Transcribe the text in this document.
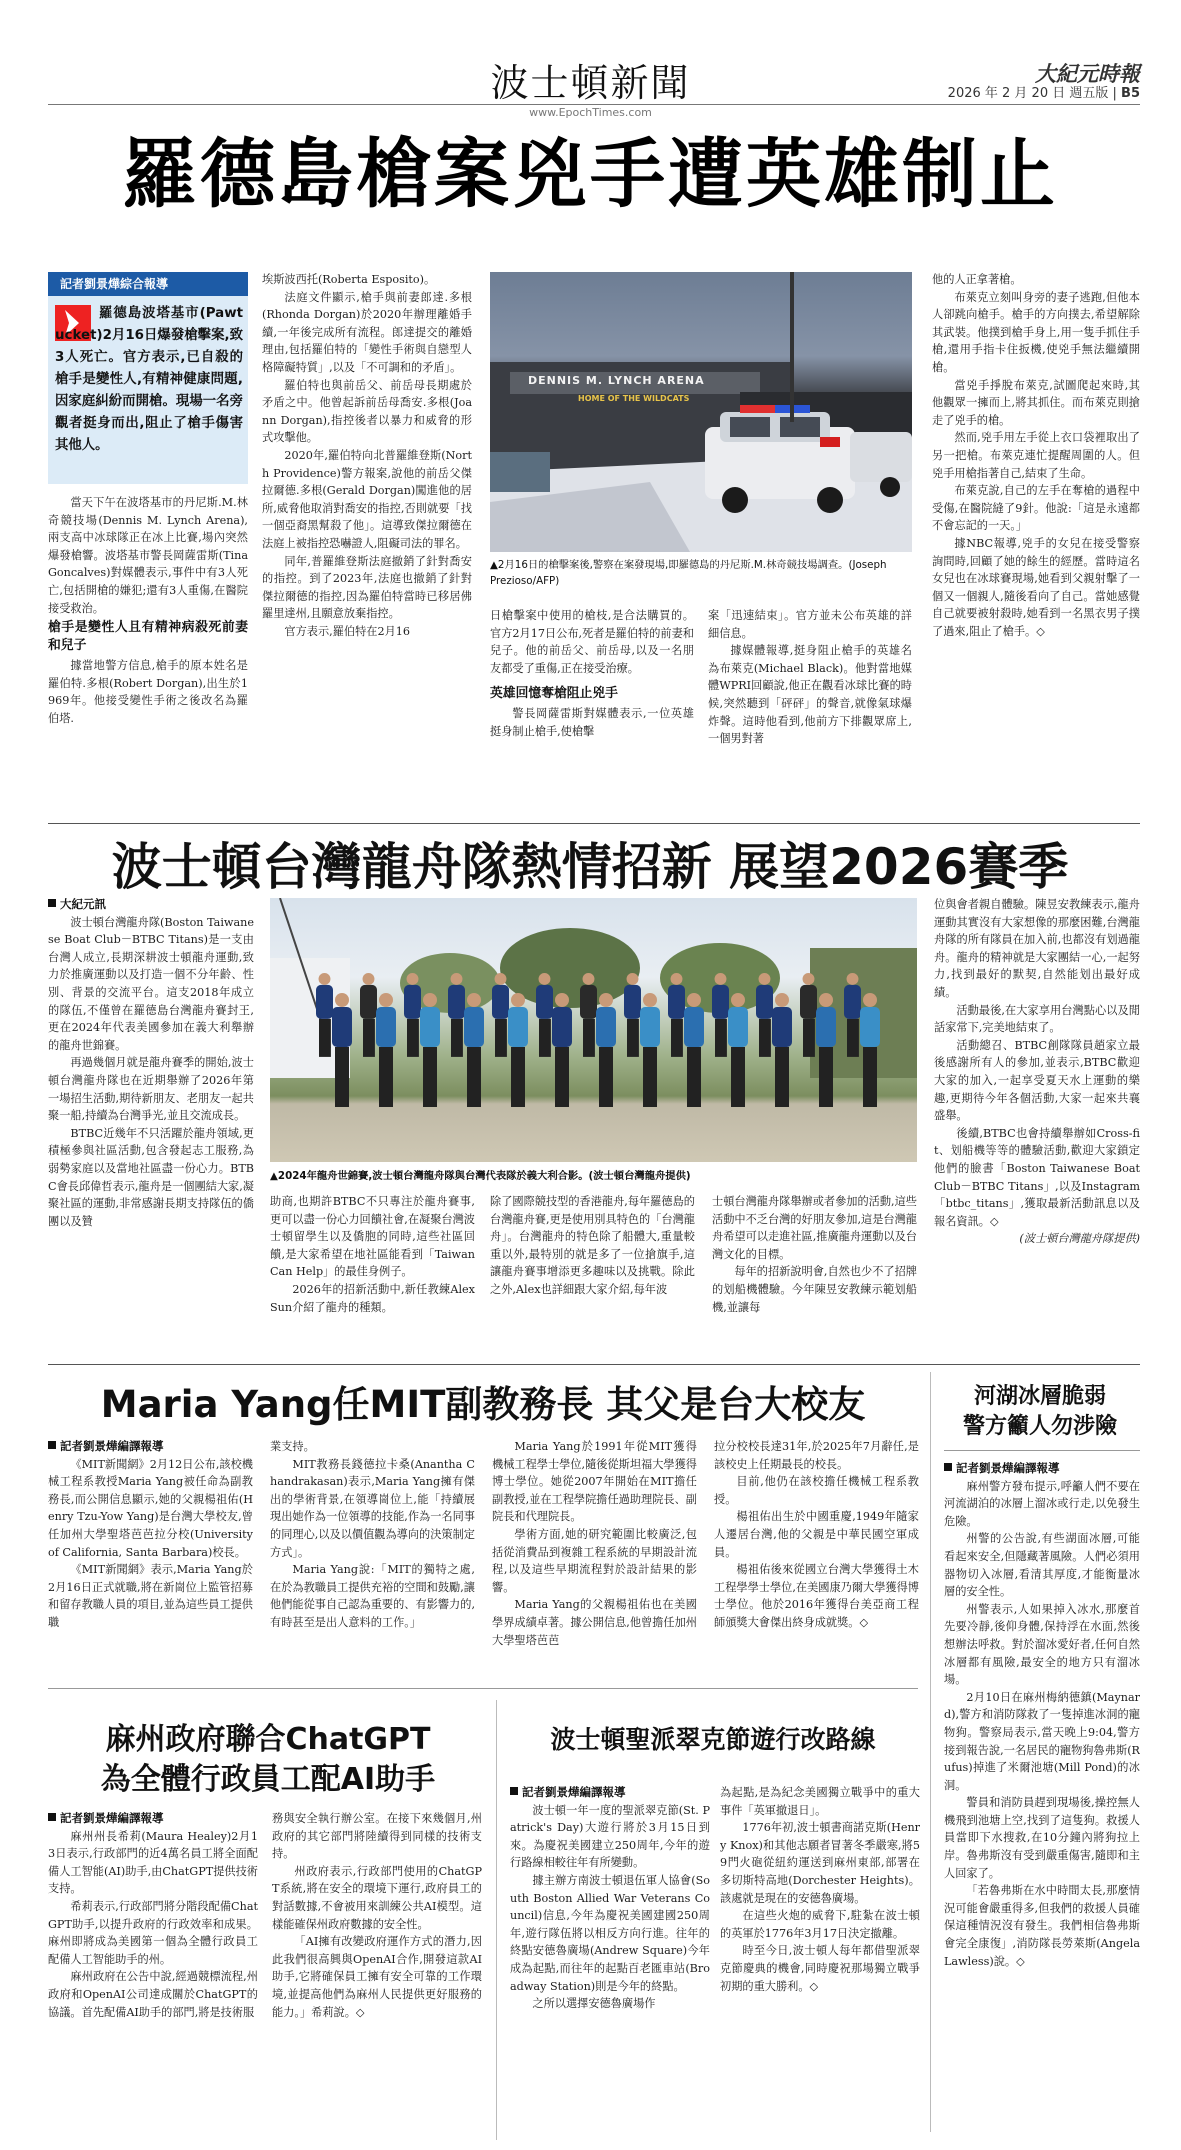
波士頓新聞	大紀元時報
2026 年 2 月 20 日 週五版 | B5
www.EpochTimes.com
羅德島槍案兇手遭英雄制止
記者劉景燁綜合報導
羅德島波塔基市(Pawtucket)2月16日爆發槍擊案,致3人死亡。官方表示,已自殺的槍手是變性人,有精神健康問題,因家庭糾紛而開槍。現場一名旁觀者挺身而出,阻止了槍手傷害其他人。

當天下午在波塔基市的丹尼斯.M.林奇競技場(Dennis M. Lynch Arena),兩支高中冰球隊正在冰上比賽,場內突然爆發槍響。波塔基市警長岡薩雷斯(Tina Goncalves)對媒體表示,事件中有3人死亡,包括開槍的嫌犯;還有3人重傷,在醫院接受救治。

槍手是變性人且有精神病殺死前妻和兒子

據當地警方信息,槍手的原本姓名是羅伯特.多根(Robert Dorgan),出生於1969年。他接受變性手術之後改名為羅伯塔.

埃斯波西托(Roberta Esposito)。

法庭文件顯示,槍手與前妻郎達.多根(Rhonda Dorgan)於2020年辦理離婚手續,一年後完成所有流程。郎達提交的離婚理由,包括羅伯特的「變性手術與自戀型人格障礙特質」,以及「不可調和的矛盾」。

羅伯特也與前岳父、前岳母長期處於矛盾之中。他曾起訴前岳母喬安.多根(Joann Dorgan),指控後者以暴力和威脅的形式攻擊他。

2020年,羅伯特向北普羅維登斯(North Providence)警方報案,說他的前岳父傑拉爾德.多根(Gerald Dorgan)闖進他的居所,威脅他取消對喬安的指控,否則就要「找一個亞裔黑幫殺了他」。這導致傑拉爾德在法庭上被指控恐嚇證人,阻礙司法的罪名。

同年,普羅維登斯法庭撤銷了針對喬安的指控。到了2023年,法庭也撤銷了針對傑拉爾德的指控,因為羅伯特當時已移居佛羅里達州,且願意放棄指控。

官方表示,羅伯特在2月16

DENNIS M. LYNCH ARENA
HOME OF THE WILDCATS
▲2月16日的槍擊案後,警察在案發現場,即羅德島的丹尼斯.M.林奇競技場調查。(Joseph Prezioso/AFP)

日槍擊案中使用的槍枝,是合法購買的。官方2月17日公布,死者是羅伯特的前妻和兒子。他的前岳父、前岳母,以及一名朋友都受了重傷,正在接受治療。

英雄回憶奪槍阻止兇手

警長岡薩雷斯對媒體表示,一位英雄挺身制止槍手,使槍擊

案「迅速結束」。官方並未公布英雄的詳細信息。

據媒體報導,挺身阻止槍手的英雄名為布萊克(Michael Black)。他對當地媒體WPRI回顧說,他正在觀看冰球比賽的時候,突然聽到「砰砰」的聲音,就像氣球爆炸聲。這時他看到,他前方下排觀眾席上,一個男對著

他的人正拿著槍。

布萊克立刻叫身旁的妻子逃跑,但他本人卻跳向槍手。槍手的方向撲去,希望解除其武裝。他撲到槍手身上,用一隻手抓住手槍,還用手指卡住扳機,使兇手無法繼續開槍。

當兇手掙脫布萊克,試圖爬起來時,其他觀眾一擁而上,將其抓住。而布萊克則搶走了兇手的槍。

然而,兇手用左手從上衣口袋裡取出了另一把槍。布萊克連忙提醒周圍的人。但兇手用槍指著自己,結束了生命。

布萊克說,自己的左手在奪槍的過程中受傷,在醫院縫了9針。他說:「這是永遠都不會忘記的一天。」

據NBC報導,兇手的女兒在接受警察詢問時,回顧了她的餘生的經歷。當時這名女兒也在冰球賽現場,她看到父親射擊了一個又一個親人,隨後看向了自己。當她感覺自己就要被射殺時,她看到一名黑衣男子撲了過來,阻止了槍手。◇

波士頓台灣龍舟隊熱情招新 展望2026賽季
大紀元訊

波士頓台灣龍舟隊(Boston Taiwanese Boat Club－BTBC Titans)是一支由台灣人成立,長期深耕波士頓龍舟運動,致力於推廣運動以及打造一個不分年齡、性別、背景的交流平台。這支2018年成立的隊伍,不僅曾在羅德島台灣龍舟賽封王,更在2024年代表美國參加在義大利舉辦的龍舟世錦賽。

再過幾個月就是龍舟賽季的開始,波士頓台灣龍舟隊也在近期舉辦了2026年第一場招生活動,期待新朋友、老朋友一起共聚一船,持續為台灣爭光,並且交流成長。

BTBC近幾年不只活躍於龍舟領域,更積極參與社區活動,包含發起志工服務,為弱勢家庭以及當地社區盡一份心力。BTBC會長邱偉哲表示,龍舟是一個團結大家,凝聚社區的運動,非常感謝長期支持隊伍的僑團以及贊

▲2024年龍舟世錦賽,波士頓台灣龍舟隊與台灣代表隊於義大利合影。(波士頓台灣龍舟提供)

助商,也期許BTBC不只專注於龍舟賽事,更可以盡一份心力回饋社會,在凝聚台灣波士頓留學生以及僑胞的同時,這些社區回饋,是大家希望在地社區能看到「Taiwan Can Help」的最佳身例子。

2026年的招新活動中,新任教練Alex Sun介紹了龍舟的種類。

除了國際競技型的香港龍舟,每年羅德島的台灣龍舟賽,更是使用別具特色的「台灣龍舟」。台灣龍舟的特色除了船體大,重量較重以外,最特別的就是多了一位搶旗手,這讓龍舟賽事增添更多趣味以及挑戰。除此之外,Alex也詳細跟大家介紹,每年波

士頓台灣龍舟隊舉辦或者參加的活動,這些活動中不乏台灣的好朋友參加,這是台灣龍舟希望可以走進社區,推廣龍舟運動以及台灣文化的目標。

每年的招新說明會,自然也少不了招牌的划船機體驗。今年陳昱安教練示範划船機,並讓每

位與會者親自體驗。陳昱安教練表示,龍舟運動其實沒有大家想像的那麼困難,台灣龍舟隊的所有隊員在加入前,也都沒有划過龍舟。龍舟的精神就是大家團結一心,一起努力,找到最好的默契,自然能划出最好成績。

活動最後,在大家享用台灣點心以及閒話家常下,完美地結束了。

活動總召、BTBC創隊隊員趙家立最後感謝所有人的參加,並表示,BTBC歡迎大家的加入,一起享受夏天水上運動的樂趣,更期待今年各個活動,大家一起來共襄盛舉。

後續,BTBC也會持續舉辦如Cross-fit、划船機等等的體驗活動,歡迎大家鎖定他們的臉書「Boston Taiwanese Boat Club－BTBC Titans」,以及Instagram「btbc_titans」,獲取最新活動訊息以及報名資訊。◇

(波士頓台灣龍舟隊提供)
Maria Yang任MIT副教務長 其父是台大校友
記者劉景燁編譯報導

《MIT新聞網》2月12日公布,該校機械工程系教授Maria Yang被任命為副教務長,而公開信息顯示,她的父親楊祖佑(Henry Tzu-Yow Yang)是台灣大學校友,曾任加州大學聖塔芭芭拉分校(University of California, Santa Barbara)校長。

《MIT新聞網》表示,Maria Yang於2月16日正式就職,將在新崗位上監管招募和留存教職人員的項目,並為這些員工提供職

業支持。

MIT教務長錢德拉卡桑(Anantha Chandrakasan)表示,Maria Yang擁有傑出的學術背景,在領導崗位上,能「持續展現出她作為一位領導的技能,作為一名同事的同理心,以及以價值觀為導向的決策制定方式」。

Maria Yang說:「MIT的獨特之處,在於為教職員工提供充裕的空間和鼓勵,讓他們能從事自己認為重要的、有影響力的,有時甚至是出人意料的工作。」

Maria Yang於1991年從MIT獲得機械工程學士學位,隨後從斯坦福大學獲得博士學位。她從2007年開始在MIT擔任副教授,並在工程學院擔任過助理院長、副院長和代理院長。

學術方面,她的研究範圍比較廣泛,包括從消費品到複雜工程系統的早期設計流程,以及這些早期流程對於設計結果的影響。

Maria Yang的父親楊祖佑也在美國學界成績卓著。據公開信息,他曾擔任加州大學聖塔芭芭

拉分校校長達31年,於2025年7月辭任,是該校史上任期最長的校長。

目前,他仍在該校擔任機械工程系教授。

楊祖佑出生於中國重慶,1949年隨家人遷居台灣,他的父親是中華民國空軍成員。

楊祖佑後來從國立台灣大學獲得土木工程學學士學位,在美國康乃爾大學獲得博士學位。他於2016年獲得台美亞商工程師頒獎大會傑出終身成就獎。◇

河湖冰層脆弱
警方籲人勿涉險
記者劉景燁編譯報導

麻州警方發布提示,呼籲人們不要在河流湖泊的冰層上溜冰或行走,以免發生危險。

州警的公告說,有些湖面冰層,可能看起來安全,但隱藏著風險。人們必須用器物切入冰層,看清其厚度,才能衡量冰層的安全性。

州警表示,人如果掉入冰水,那麼首先要冷靜,後仰身體,保持浮在水面,然後想辦法呼救。對於溜冰愛好者,任何自然冰層都有風險,最安全的地方只有溜冰場。

2月10日在麻州梅納德鎮(Maynard),警方和消防隊救了一隻掉進冰洞的寵物狗。警察局表示,當天晚上9:04,警方接到報告說,一名居民的寵物狗魯弗斯(Rufus)掉進了米爾池塘(Mill Pond)的冰洞。

警員和消防員趕到現場後,操控無人機飛到池塘上空,找到了這隻狗。救援人員當即下水搜救,在10分鐘內將狗拉上岸。魯弗斯沒有受到嚴重傷害,隨即和主人回家了。

「若魯弗斯在水中時間太長,那麼情況可能會嚴重得多,但我們的救援人員確保這種情況沒有發生。我們相信魯弗斯會完全康復」,消防隊長勞萊斯(Angela Lawless)說。◇

麻州政府聯合ChatGPT
為全體行政員工配AI助手
記者劉景燁編譯報導

麻州州長希莉(Maura Healey)2月13日表示,行政部門的近4萬名員工將全面配備人工智能(AI)助手,由ChatGPT提供技術支持。

希莉表示,行政部門將分階段配備ChatGPT助手,以提升政府的行政效率和成果。麻州即將成為美國第一個為全體行政員工配備人工智能助手的州。

麻州政府在公告中說,經過競標流程,州政府和OpenAI公司達成關於ChatGPT的協議。首先配備AI助手的部門,將是技術服

務與安全執行辦公室。在接下來幾個月,州政府的其它部門將陸續得到同樣的技術支持。

州政府表示,行政部門使用的ChatGPT系統,將在安全的環境下運行,政府員工的對話數據,不會被用來訓練公共AI模型。這樣能確保州政府數據的安全性。

「AI擁有改變政府運作方式的潛力,因此我們很高興與OpenAI合作,開發這款AI助手,它將確保員工擁有安全可靠的工作環境,並提高他們為麻州人民提供更好服務的能力。」希莉說。◇

波士頓聖派翠克節遊行改路線
記者劉景燁編譯報導

波士頓一年一度的聖派翠克節(St. Patrick's Day)大遊行將於3月15日到來。為慶祝美國建立250周年,今年的遊行路線相較往年有所變動。

據主辦方南波士頓退伍軍人協會(South Boston Allied War Veterans Council)信息,今年為慶祝美國建國250周年,遊行隊伍將以相反方向行進。往年的終點安德魯廣場(Andrew Square)今年成為起點,而往年的起點百老匯車站(Broadway Station)則是今年的終點。

之所以選擇安德魯廣場作

為起點,是為紀念美國獨立戰爭中的重大事件「英軍撤退日」。

1776年初,波士頓書商諾克斯(Henry Knox)和其他志願者冒著冬季嚴寒,將59門火砲從紐約運送到麻州東部,部署在多切斯特高地(Dorchester Heights)。該處就是現在的安德魯廣場。

在這些火炮的威脅下,駐紮在波士頓的英軍於1776年3月17日決定撤離。

時至今日,波士頓人每年都借聖派翠克節慶典的機會,同時慶祝那場獨立戰爭初期的重大勝利。◇
